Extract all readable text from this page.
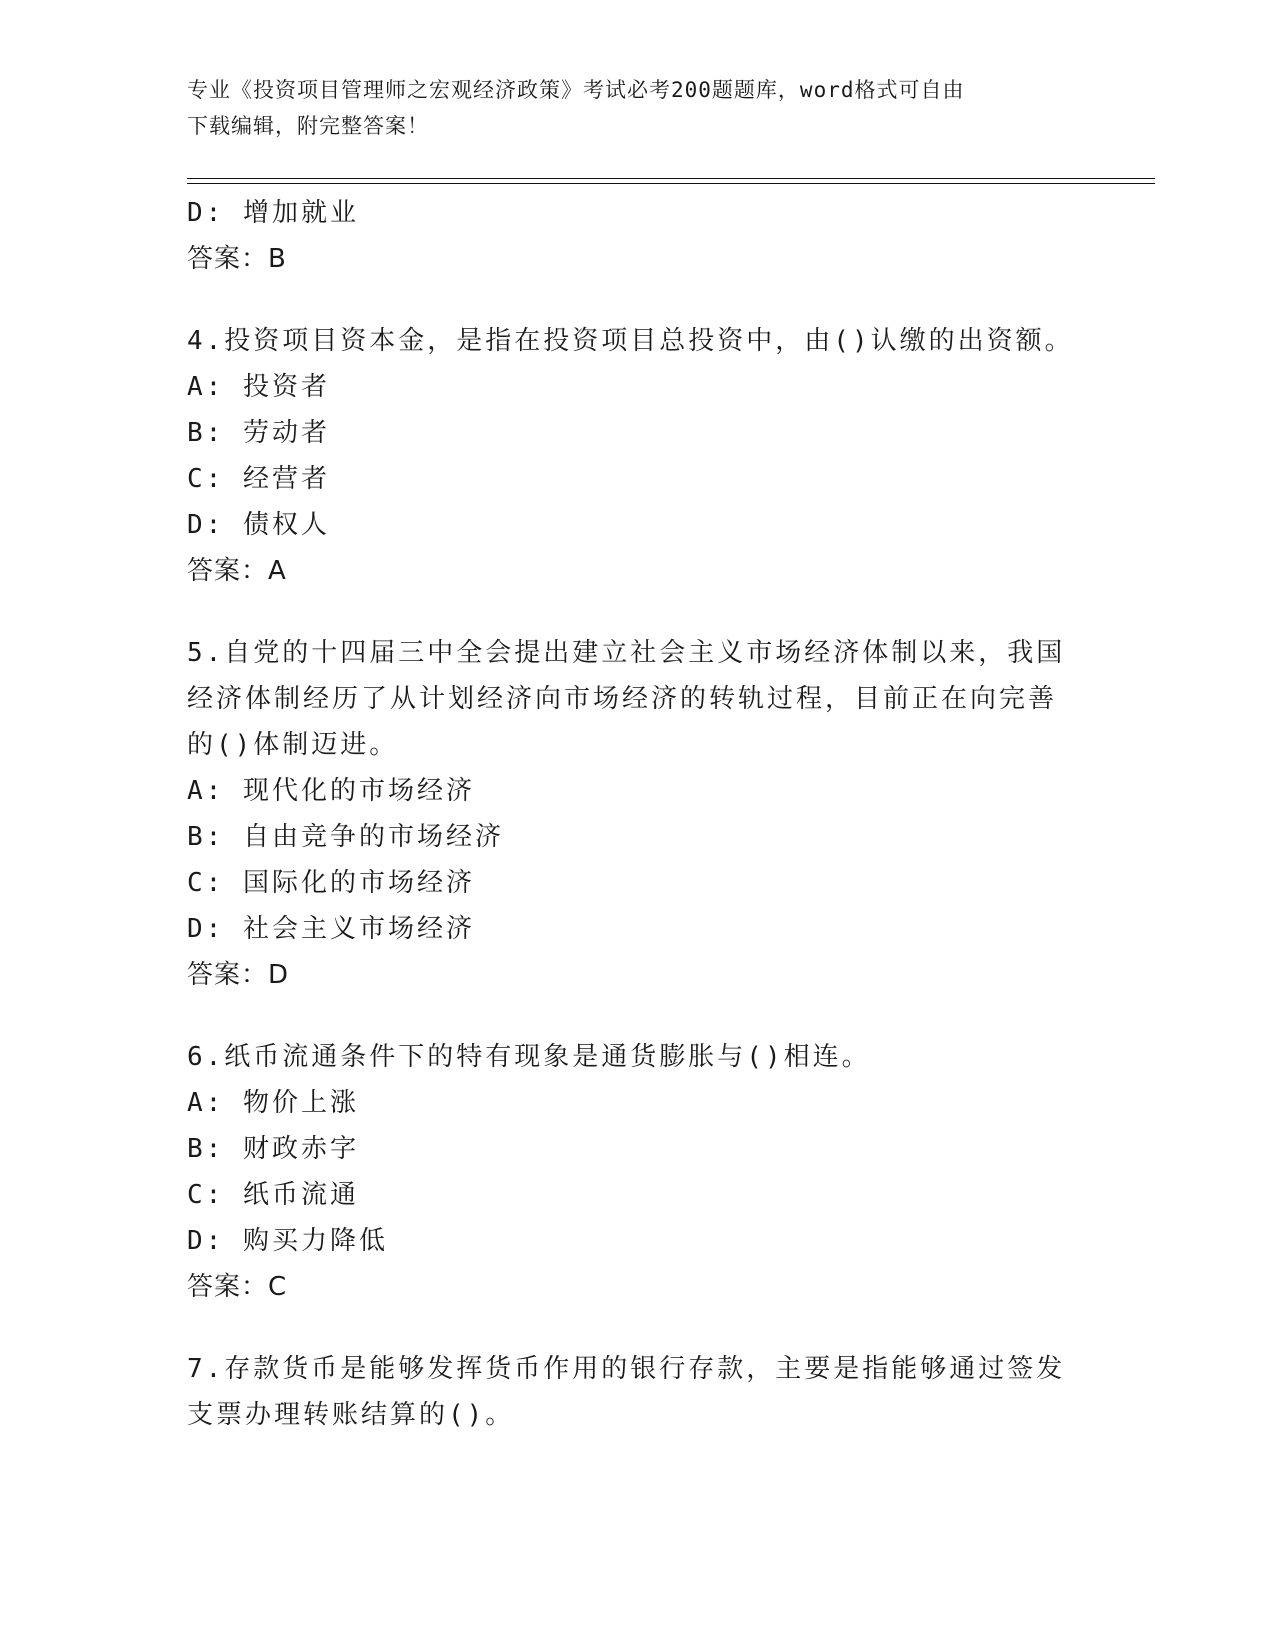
专业《投资项目管理师之宏观经济政策》考试必考200题题库，word格式可自由
下载编辑，附完整答案！
D: 增加就业
答案：B
4.投资项目资本金，是指在投资项目总投资中，由()认缴的出资额。
A: 投资者
B: 劳动者
C: 经营者
D: 债权人
答案：A
5.自党的十四届三中全会提出建立社会主义市场经济体制以来，我国
经济体制经历了从计划经济向市场经济的转轨过程，目前正在向完善
的()体制迈进。
A: 现代化的市场经济
B: 自由竞争的市场经济
C: 国际化的市场经济
D: 社会主义市场经济
答案：D
6.纸币流通条件下的特有现象是通货膨胀与()相连。
A: 物价上涨
B: 财政赤字
C: 纸币流通
D: 购买力降低
答案：C
7.存款货币是能够发挥货币作用的银行存款，主要是指能够通过签发
支票办理转账结算的()。
